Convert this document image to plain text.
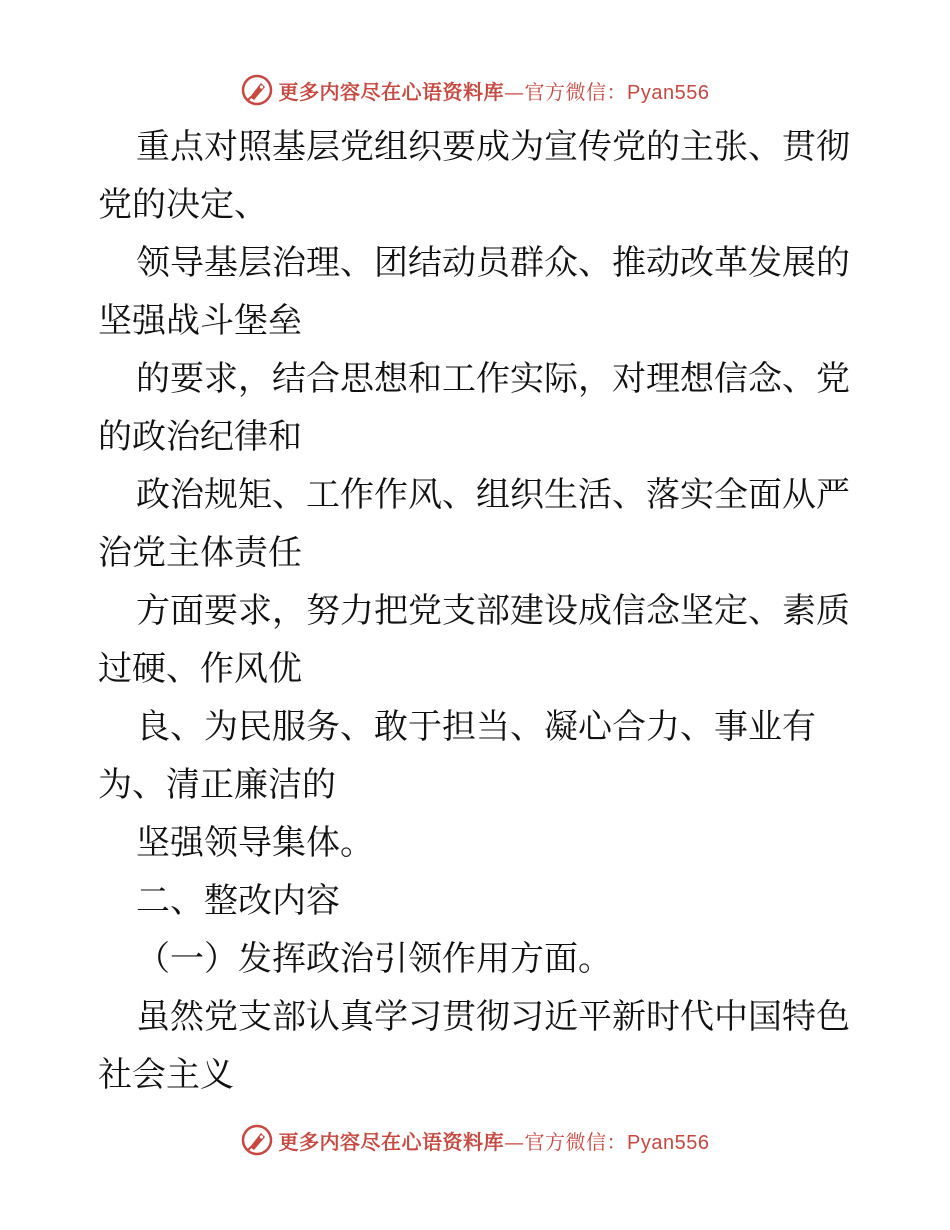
更多内容尽在心语资料库—官方微信：Pyan556
重点对照基层党组织要成为宣传党的主张、贯彻
党的决定、
领导基层治理、团结动员群众、推动改革发展的
坚强战斗堡垒
的要求，结合思想和工作实际，对理想信念、党
的政治纪律和
政治规矩、工作作风、组织生活、落实全面从严
治党主体责任
方面要求，努力把党支部建设成信念坚定、素质
过硬、作风优
良、为民服务、敢于担当、凝心合力、事业有
为、清正廉洁的
坚强领导集体。
二、整改内容
（一）发挥政治引领作用方面。
虽然党支部认真学习贯彻习近平新时代中国特色
社会主义
更多内容尽在心语资料库—官方微信：Pyan556
